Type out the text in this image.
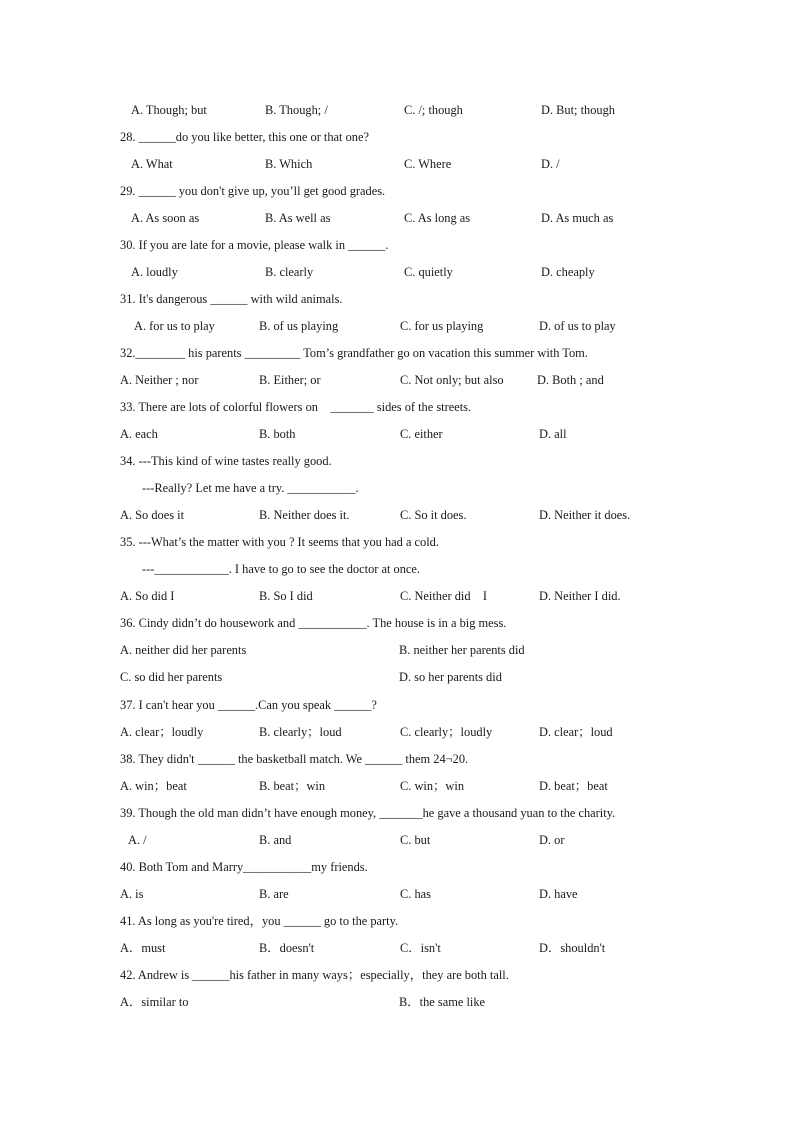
A. Though; but

	B. Though; /

	C. /; though

	D. But; though

28. ______do you like better, this one or that one?

A. What

	B. Which

	C. Where

	D. /

29. ______ you don't give up, you’ll get good grades.

A. As soon as

	B. As well as

	C. As long as

	D. As much as

30. If you are late for a movie, please walk in ______.

A. loudly

	B. clearly

	C. quietly

	D. cheaply

31. It's dangerous ______ with wild animals.

A. for us to play

	B. of us playing

	C. for us playing

	D. of us to play

32.________ his parents _________ Tom’s grandfather go on vacation this summer with Tom.

A. Neither ; nor

	B. Either; or

	C. Not only; but also

	D. Both ; and

33. There are lots of colorful flowers on    _______ sides of the streets.

A. each

	B. both

	C. either

	D. all

34. ---This kind of wine tastes really good.

---Really? Let me have a try. ___________.

A. So does it

	B. Neither does it.

	C. So it does.

	D. Neither it does.

35. ---What’s the matter with you ? It seems that you had a cold.

---____________. I have to go to see the doctor at once.

A. So did I

	B. So I did

	C. Neither did    I

	D. Neither I did.

36. Cindy didn’t do housework and ___________. The house is in a big mess.

A. neither did her parents

	B. neither her parents did

C. so did her parents

	D. so her parents did

37. I can't hear you ______.Can you speak ______?

A. clear；loudly

	B. clearly；loud

	C. clearly；loudly

	D. clear；loud

38. They didn't ______ the basketball match. We ______ them 24¬20.

A. win；beat

	B. beat；win

	C. win；win

	D. beat；beat

39. Though the old man didn’t have enough money, _______he gave a thousand yuan to the charity.

A. /

	B. and

	C. but

	D. or

40. Both Tom and Marry___________my friends.

A. is

	B. are

	C. has

	D. have

41. As long as you're tired，you ______ go to the party.

A．must

	B．doesn't

	C．isn't

	D．shouldn't

42. Andrew is ______his father in many ways；especially，they are both tall.

A．similar to

	B．the same like
